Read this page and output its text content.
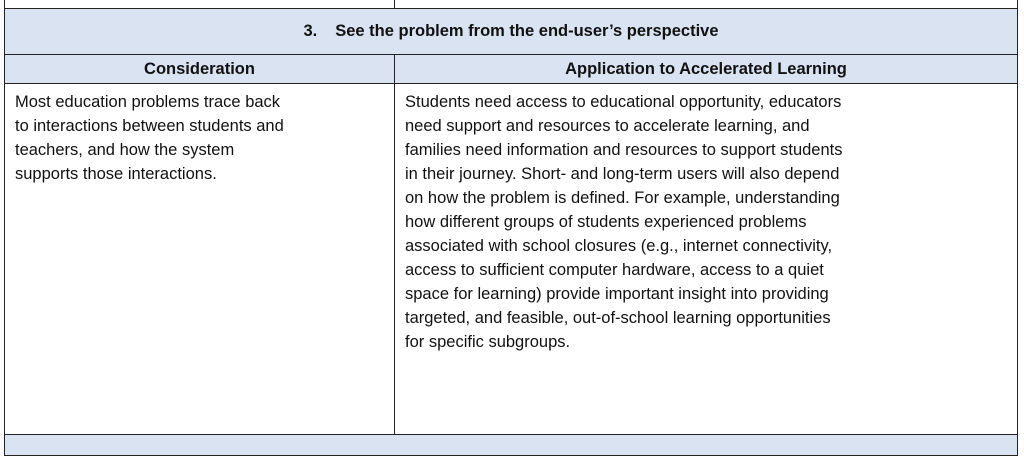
3. See the problem from the end-user’s perspective
Consideration	Application to Accelerated Learning
Most education problems trace back
to interactions between students and
teachers, and how the system
supports those interactions.
Students need access to educational opportunity, educators
need support and resources to accelerate learning, and
families need information and resources to support students
in their journey. Short- and long-term users will also depend
on how the problem is defined. For example, understanding
how different groups of students experienced problems
associated with school closures (e.g., internet connectivity,
access to sufficient computer hardware, access to a quiet
space for learning) provide important insight into providing
targeted, and feasible, out-of-school learning opportunities
for specific subgroups.
